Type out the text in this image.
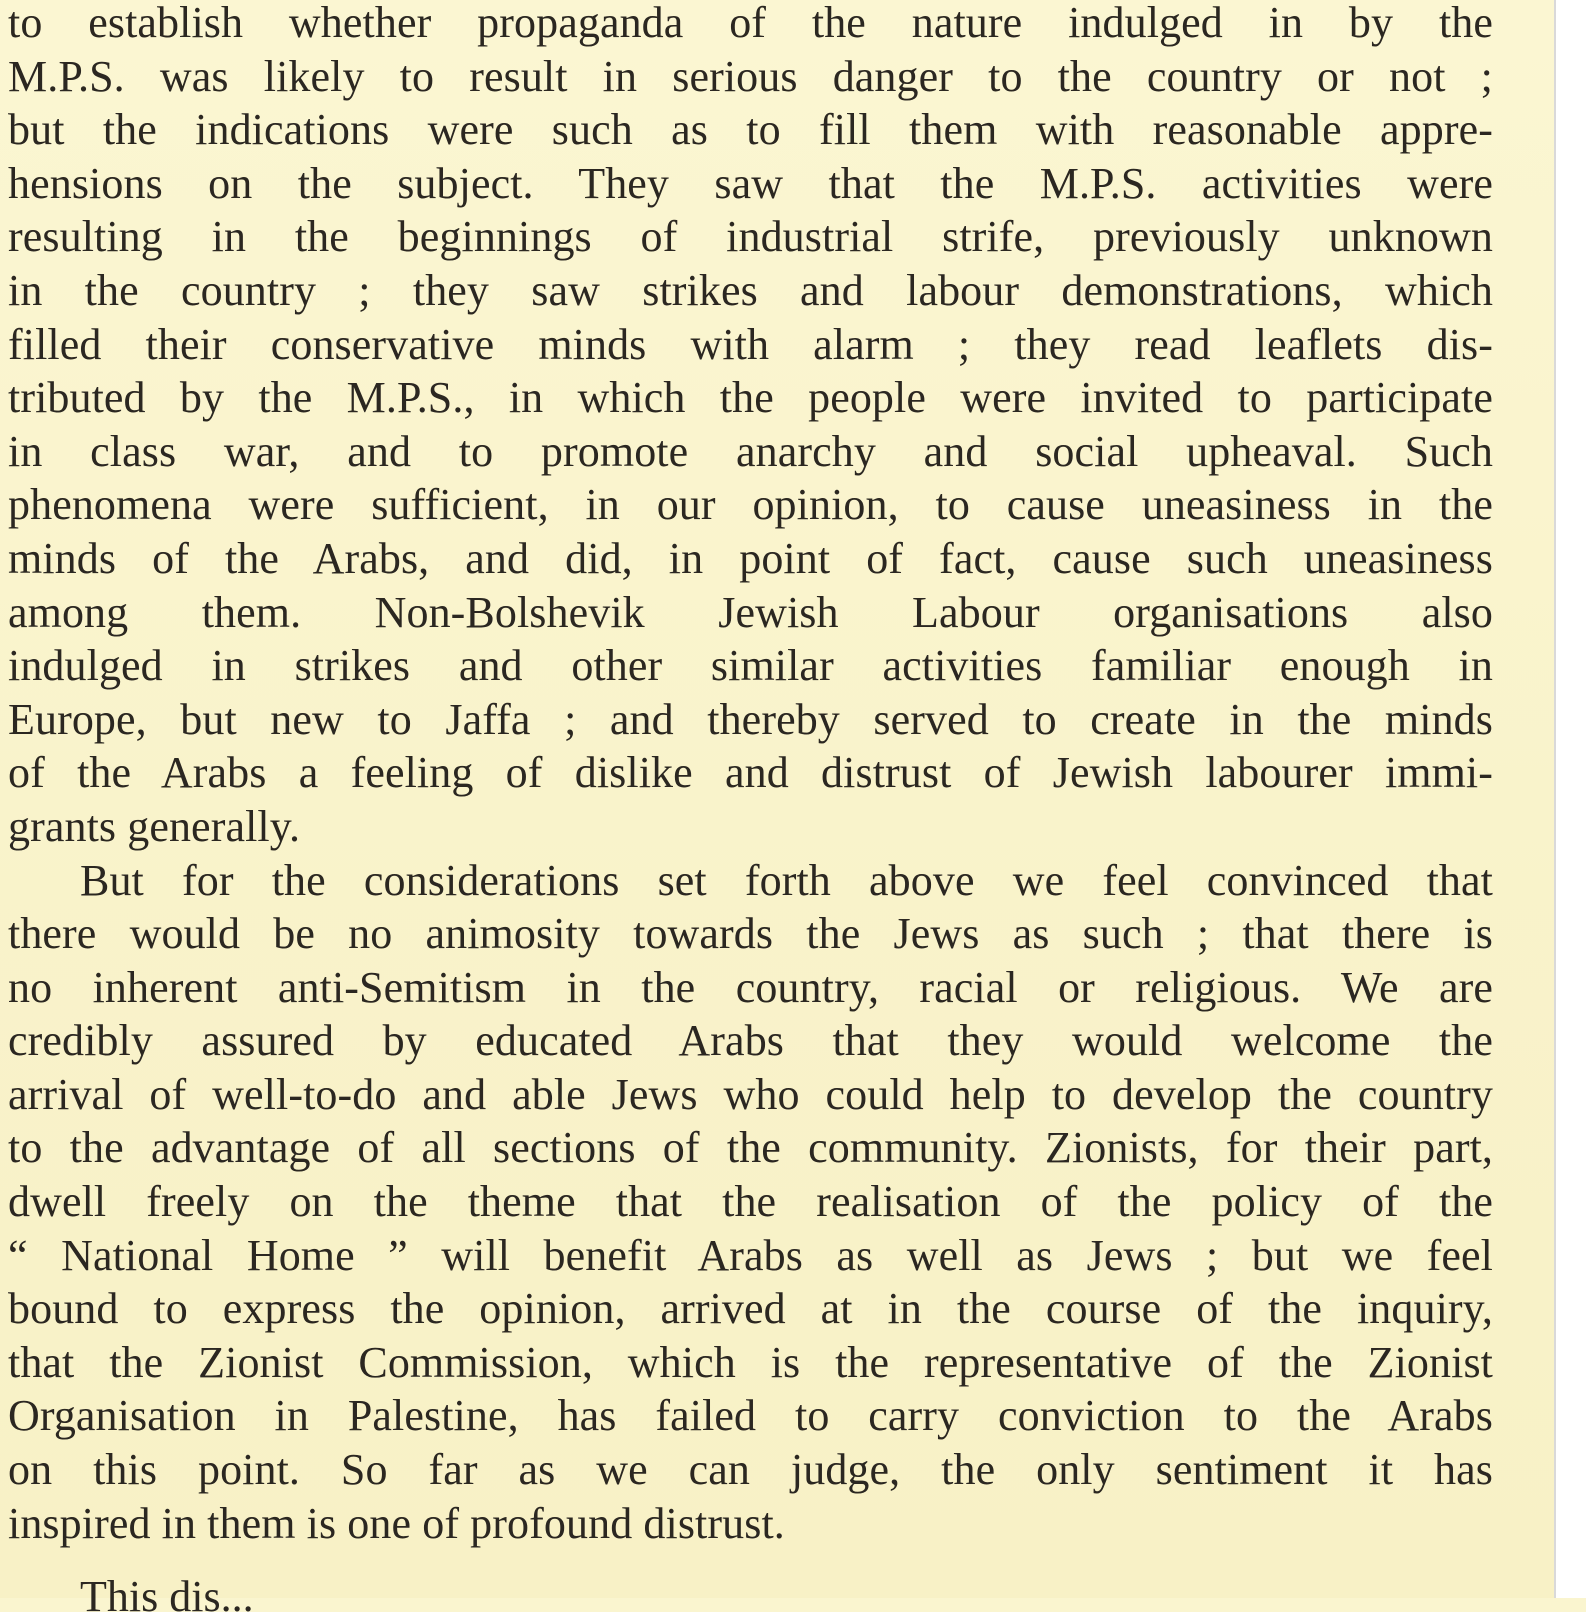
to establish whether propaganda of the nature indulged in by the
M.P.S. was likely to result in serious danger to the country or not ;
but the indications were such as to fill them with reasonable appre-
hensions on the subject. They saw that the M.P.S. activities were
resulting in the beginnings of industrial strife, previously unknown
in the country ; they saw strikes and labour demonstrations, which
filled their conservative minds with alarm ; they read leaflets dis-
tributed by the M.P.S., in which the people were invited to participate
in class war, and to promote anarchy and social upheaval. Such
phenomena were sufficient, in our opinion, to cause uneasiness in the
minds of the Arabs, and did, in point of fact, cause such uneasiness
among them. Non-Bolshevik Jewish Labour organisations also
indulged in strikes and other similar activities familiar enough in
Europe, but new to Jaffa ; and thereby served to create in the minds
of the Arabs a feeling of dislike and distrust of Jewish labourer immi-
grants generally.
But for the considerations set forth above we feel convinced that
there would be no animosity towards the Jews as such ; that there is
no inherent anti-Semitism in the country, racial or religious. We are
credibly assured by educated Arabs that they would welcome the
arrival of well-to-do and able Jews who could help to develop the country
to the advantage of all sections of the community. Zionists, for their part,
dwell freely on the theme that the realisation of the policy of the
“ National Home ” will benefit Arabs as well as Jews ; but we feel
bound to express the opinion, arrived at in the course of the inquiry,
that the Zionist Commission, which is the representative of the Zionist
Organisation in Palestine, has failed to carry conviction to the Arabs
on this point. So far as we can judge, the only sentiment it has
inspired in them is one of profound distrust.
This dis...
